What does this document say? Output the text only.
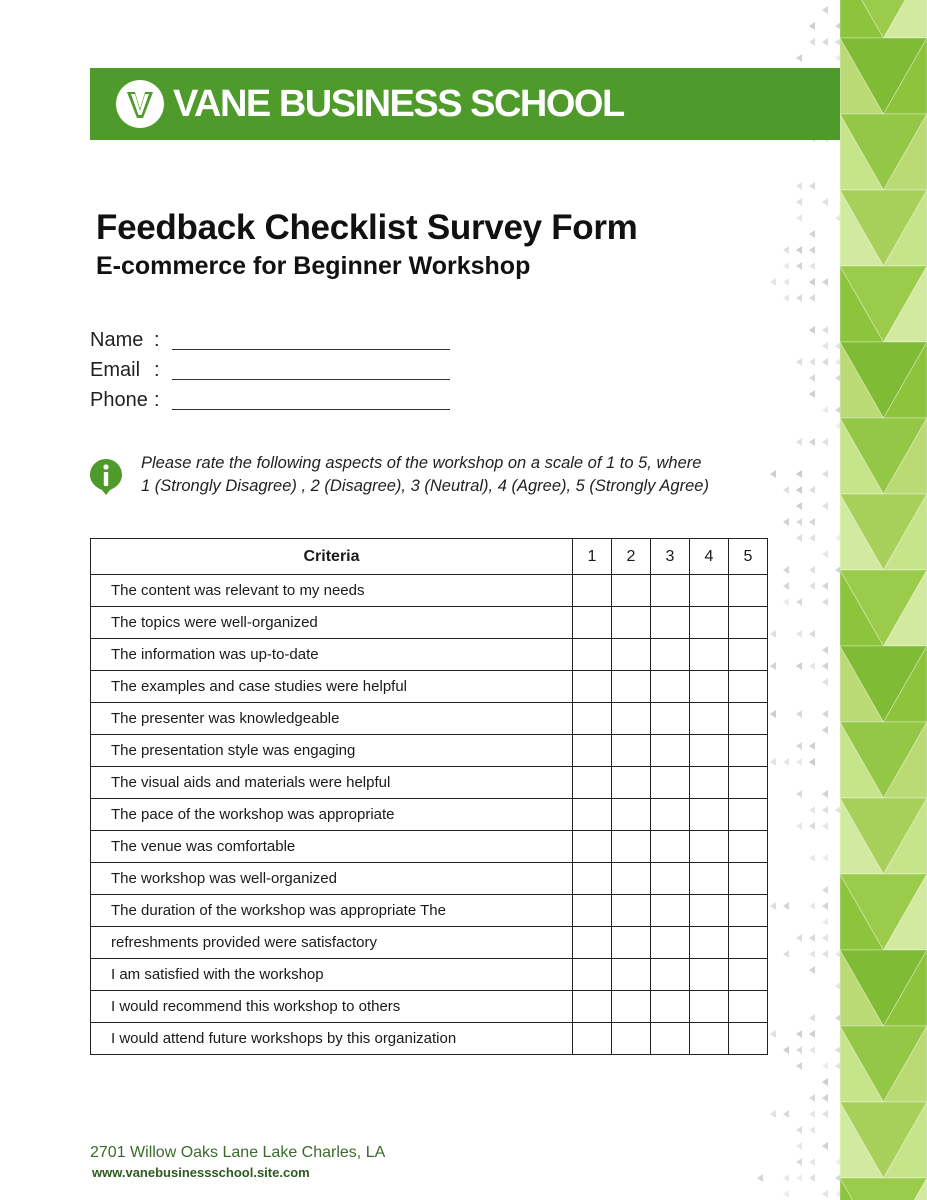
VANE BUSINESS SCHOOL
Feedback Checklist Survey Form
E-commerce for Beginner Workshop
Name :
Email :
Phone :
Please rate the following aspects of the workshop on a scale of 1 to 5, where
1 (Strongly Disagree) , 2 (Disagree), 3 (Neutral), 4 (Agree), 5 (Strongly Agree)
Criteria	1	2	3	4	5
The content was relevant to my needs					
The topics were well-organized					
The information was up-to-date					
The examples and case studies were helpful					
The presenter was knowledgeable					
The presentation style was engaging					
The visual aids and materials were helpful					
The pace of the workshop was appropriate					
The venue was comfortable					
The workshop was well-organized					
The duration of the workshop was appropriate The					
refreshments provided were satisfactory					
I am satisfied with the workshop					
I would recommend this workshop to others					
I would attend future workshops by this organization					
2701 Willow Oaks Lane Lake Charles, LA
www.vanebusinessschool.site.com
